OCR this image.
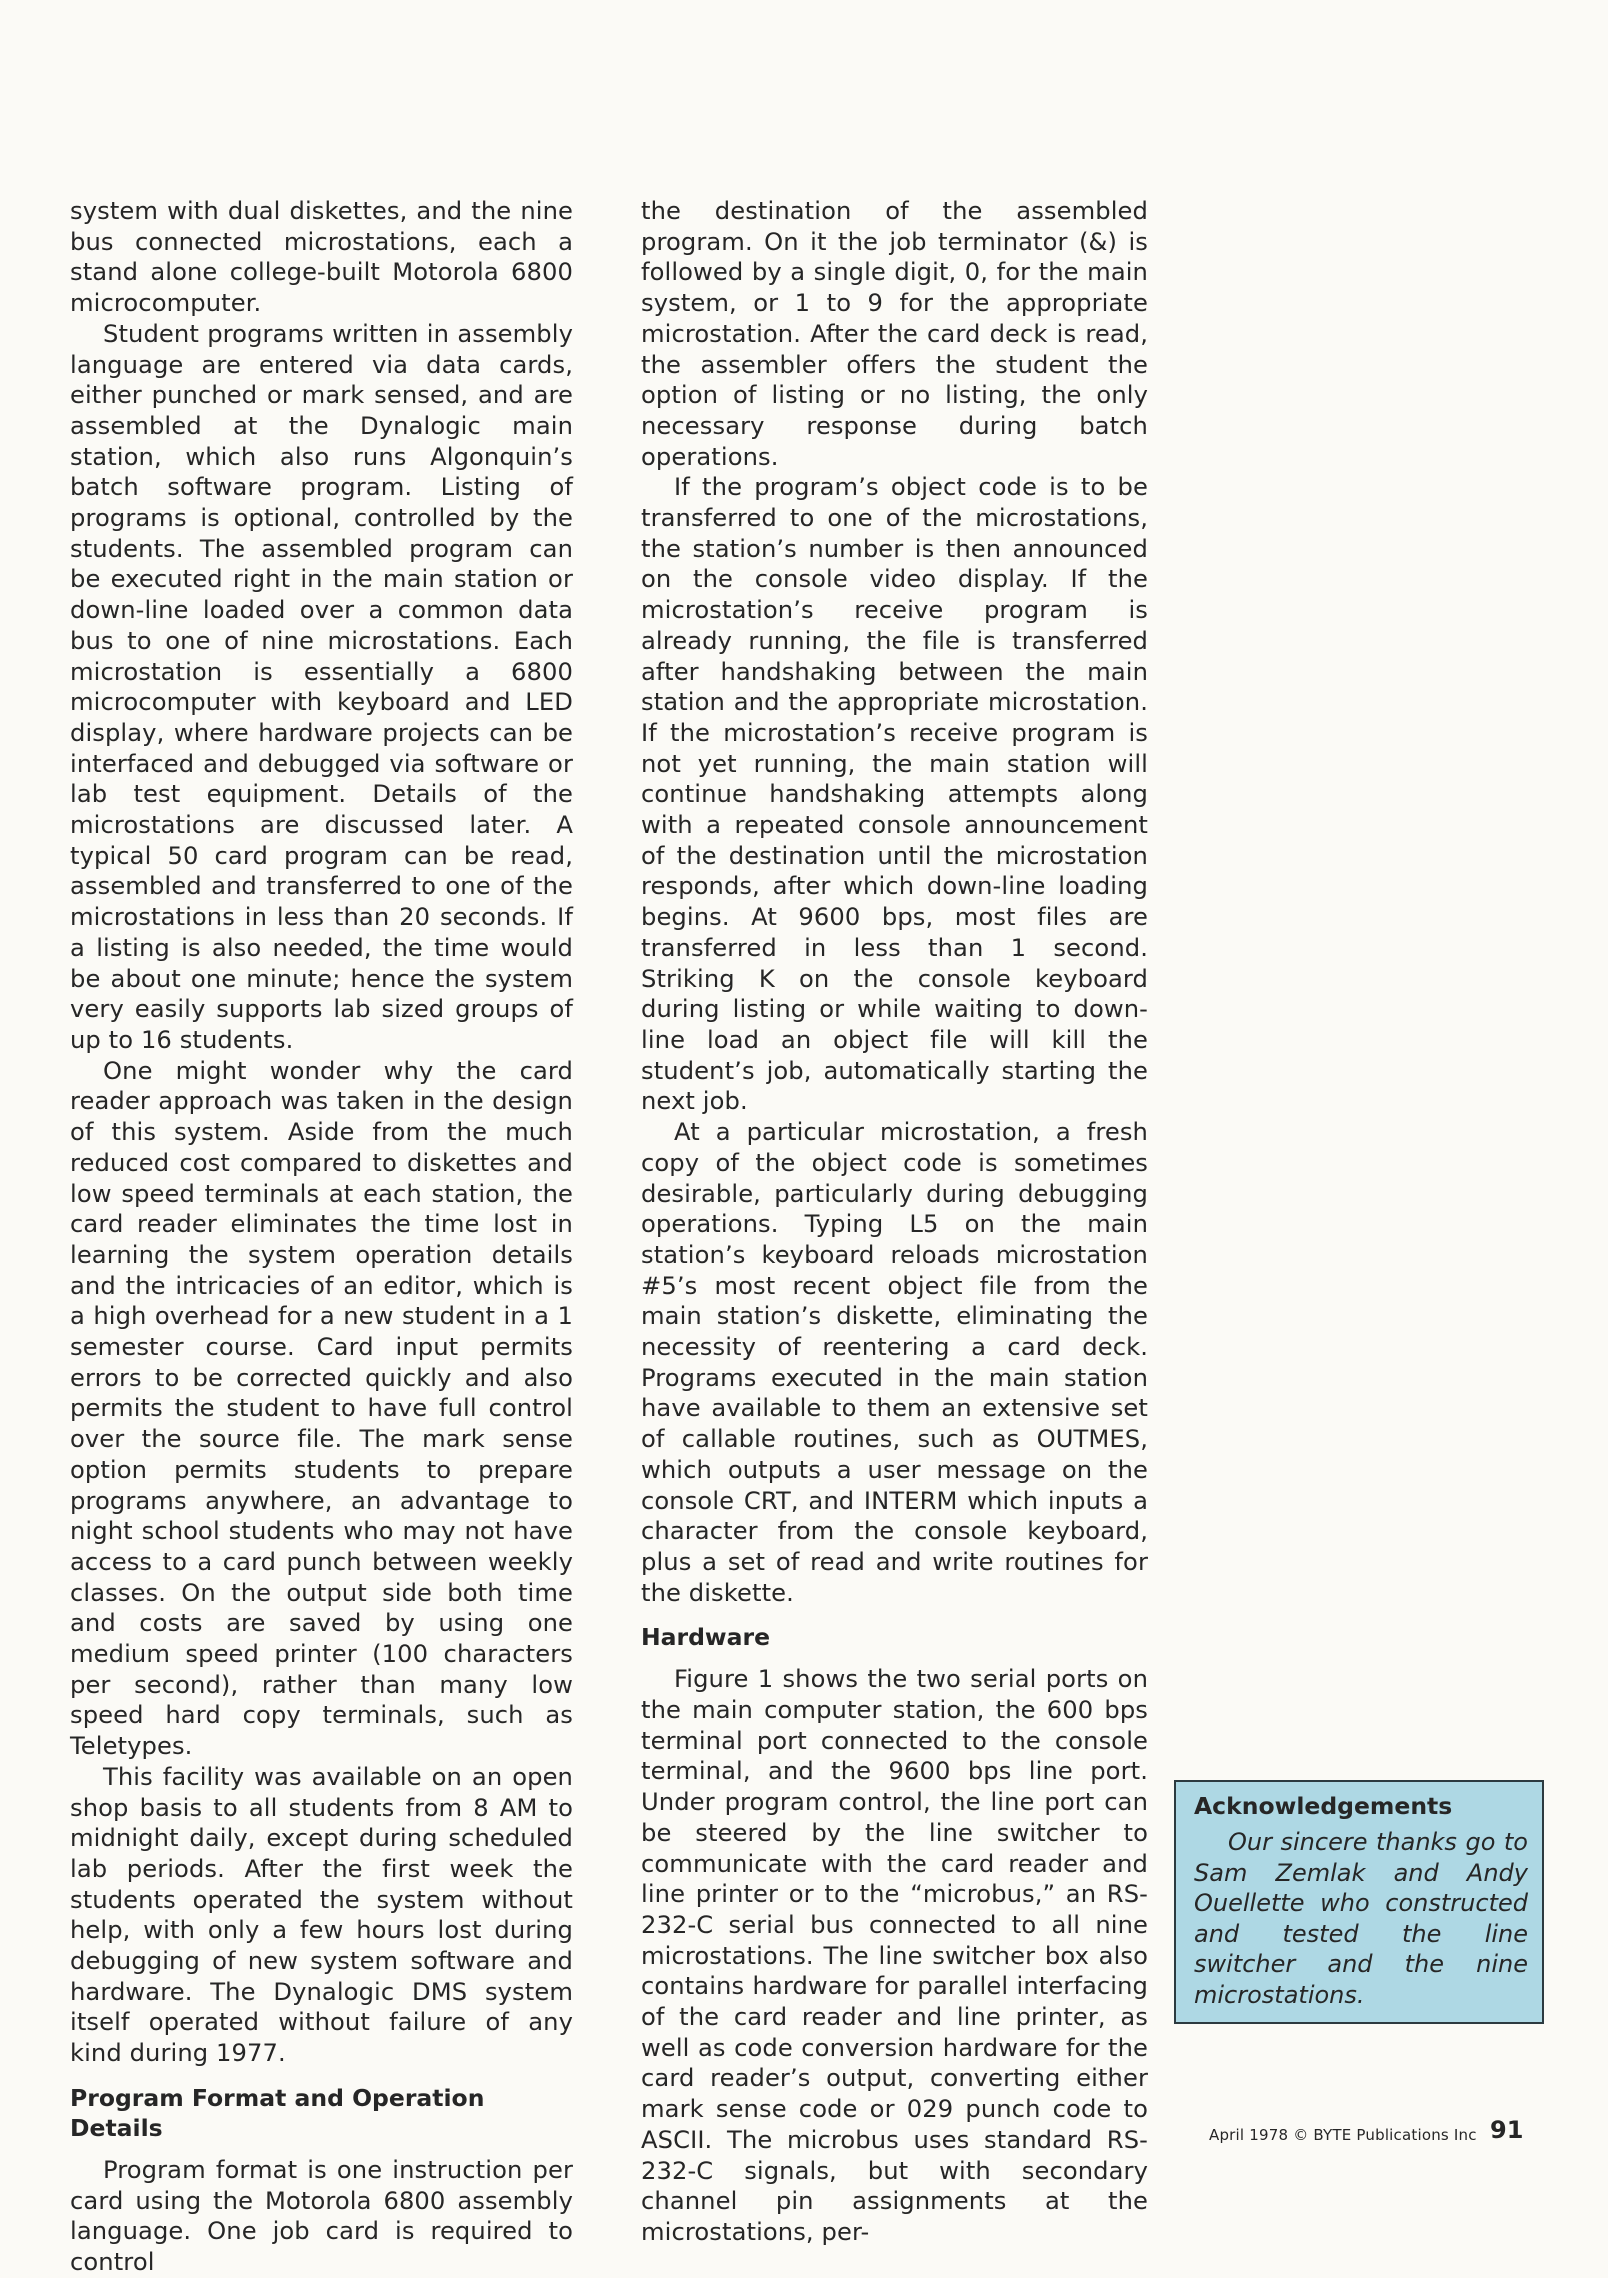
system with dual diskettes, and the nine bus connected microstations, each a stand alone college-built Motorola 6800 microcomputer.

Student programs written in assembly language are entered via data cards, either punched or mark sensed, and are assembled at the Dynalogic main station, which also runs Algonquin’s batch software program. Listing of programs is optional, controlled by the students. The assembled program can be executed right in the main station or down-line loaded over a common data bus to one of nine microstations. Each microstation is essentially a 6800 microcomputer with keyboard and LED display, where hardware projects can be interfaced and debugged via software or lab test equipment. Details of the microstations are discussed later. A typical 50 card program can be read, assembled and transferred to one of the microstations in less than 20 seconds. If a listing is also needed, the time would be about one minute; hence the system very easily supports lab sized groups of up to 16 students.

One might wonder why the card reader approach was taken in the design of this system. Aside from the much reduced cost compared to diskettes and low speed terminals at each station, the card reader eliminates the time lost in learning the system operation details and the intricacies of an editor, which is a high overhead for a new student in a 1 semester course. Card input permits errors to be corrected quickly and also permits the student to have full control over the source file. The mark sense option permits students to prepare programs anywhere, an advantage to night school students who may not have access to a card punch between weekly classes. On the output side both time and costs are saved by using one medium speed printer (100 characters per second), rather than many low speed hard copy terminals, such as Teletypes.

This facility was available on an open shop basis to all students from 8 AM to midnight daily, except during scheduled lab periods. After the first week the students operated the system without help, with only a few hours lost during debugging of new system software and hardware. The Dynalogic DMS system itself operated without failure of any kind during 1977.

Program Format and Operation Details

Program format is one instruction per card using the Motorola 6800 assembly language. One job card is required to control

the destination of the assembled program. On it the job terminator (&) is followed by a single digit, 0, for the main system, or 1 to 9 for the appropriate microstation. After the card deck is read, the assembler offers the student the option of listing or no listing, the only necessary response during batch operations.

If the program’s object code is to be transferred to one of the microstations, the station’s number is then announced on the console video display. If the microstation’s receive program is already running, the file is transferred after handshaking between the main station and the appropriate microstation. If the microstation’s receive program is not yet running, the main station will continue handshaking attempts along with a repeated console announcement of the destination until the microstation responds, after which down-line loading begins. At 9600 bps, most files are transferred in less than 1 second. Striking K on the console keyboard during listing or while waiting to down-line load an object file will kill the student’s job, automatically starting the next job.

At a particular microstation, a fresh copy of the object code is sometimes desirable, particularly during debugging operations. Typing L5 on the main station’s keyboard reloads microstation #5’s most recent object file from the main station’s diskette, eliminating the necessity of reentering a card deck. Programs executed in the main station have available to them an extensive set of callable routines, such as OUTMES, which outputs a user message on the console CRT, and INTERM which inputs a character from the console keyboard, plus a set of read and write routines for the diskette.

Hardware

Figure 1 shows the two serial ports on the main computer station, the 600 bps terminal port connected to the console terminal, and the 9600 bps line port. Under program control, the line port can be steered by the line switcher to communicate with the card reader and line printer or to the “microbus,” an RS-232-C serial bus connected to all nine microstations. The line switcher box also contains hardware for parallel interfacing of the card reader and line printer, as well as code conversion hardware for the card reader’s output, converting either mark sense code or 029 punch code to ASCII. The microbus uses standard RS-232-C signals, but with secondary channel pin assignments at the microstations, per-

Acknowledgements

Our sincere thanks go to Sam Zemlak and Andy Ouellette who constructed and tested the line switcher and the nine microstations.

April 1978 © BYTE Publications Inc 91
